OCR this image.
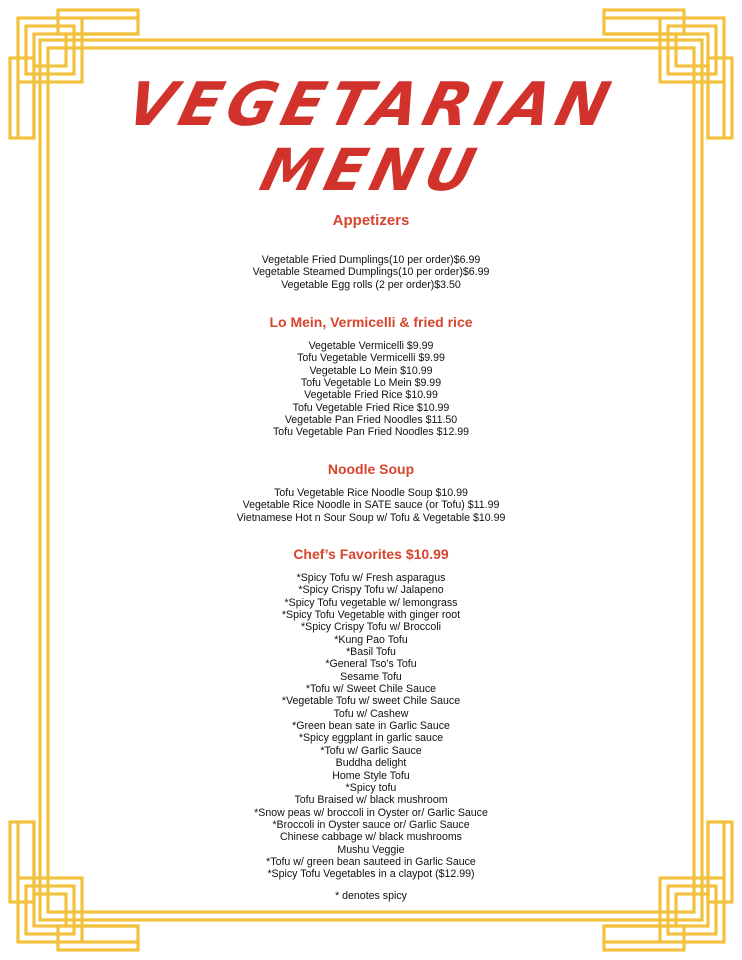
VEGETARIAN
MENU
Appetizers
Vegetable Fried Dumplings(10 per order)$6.99
Vegetable Steamed Dumplings(10 per order)$6.99
Vegetable Egg rolls (2 per order)$3.50
Lo Mein, Vermicelli & fried rice
Vegetable Vermicelli $9.99
Tofu Vegetable Vermicelli $9.99
Vegetable Lo Mein $10.99
Tofu Vegetable Lo Mein $9.99
Vegetable Fried Rice $10.99
Tofu Vegetable Fried Rice $10.99
Vegetable Pan Fried Noodles $11.50
Tofu Vegetable Pan Fried Noodles $12.99
Noodle Soup
Tofu Vegetable Rice Noodle Soup $10.99
Vegetable Rice Noodle in SATE sauce (or Tofu) $11.99
Vietnamese Hot n Sour Soup w/ Tofu & Vegetable $10.99
Chef’s Favorites $10.99
*Spicy Tofu w/ Fresh asparagus
*Spicy Crispy Tofu w/ Jalapeno
*Spicy Tofu vegetable w/ lemongrass
*Spicy Tofu Vegetable with ginger root
*Spicy Crispy Tofu w/ Broccoli
*Kung Pao Tofu
*Basil Tofu
*General Tso’s Tofu
Sesame Tofu
*Tofu w/ Sweet Chile Sauce
*Vegetable Tofu w/ sweet Chile Sauce
Tofu w/ Cashew
*Green bean sate in Garlic Sauce
*Spicy eggplant in garlic sauce
*Tofu w/ Garlic Sauce
Buddha delight
Home Style Tofu
*Spicy tofu
Tofu Braised w/ black mushroom
*Snow peas w/ broccoli in Oyster or/ Garlic Sauce
*Broccoli in Oyster sauce or/ Garlic Sauce
Chinese cabbage w/ black mushrooms
Mushu Veggie
*Tofu w/ green bean sauteed in Garlic Sauce
*Spicy Tofu Vegetables in a claypot ($12.99)

* denotes spicy
